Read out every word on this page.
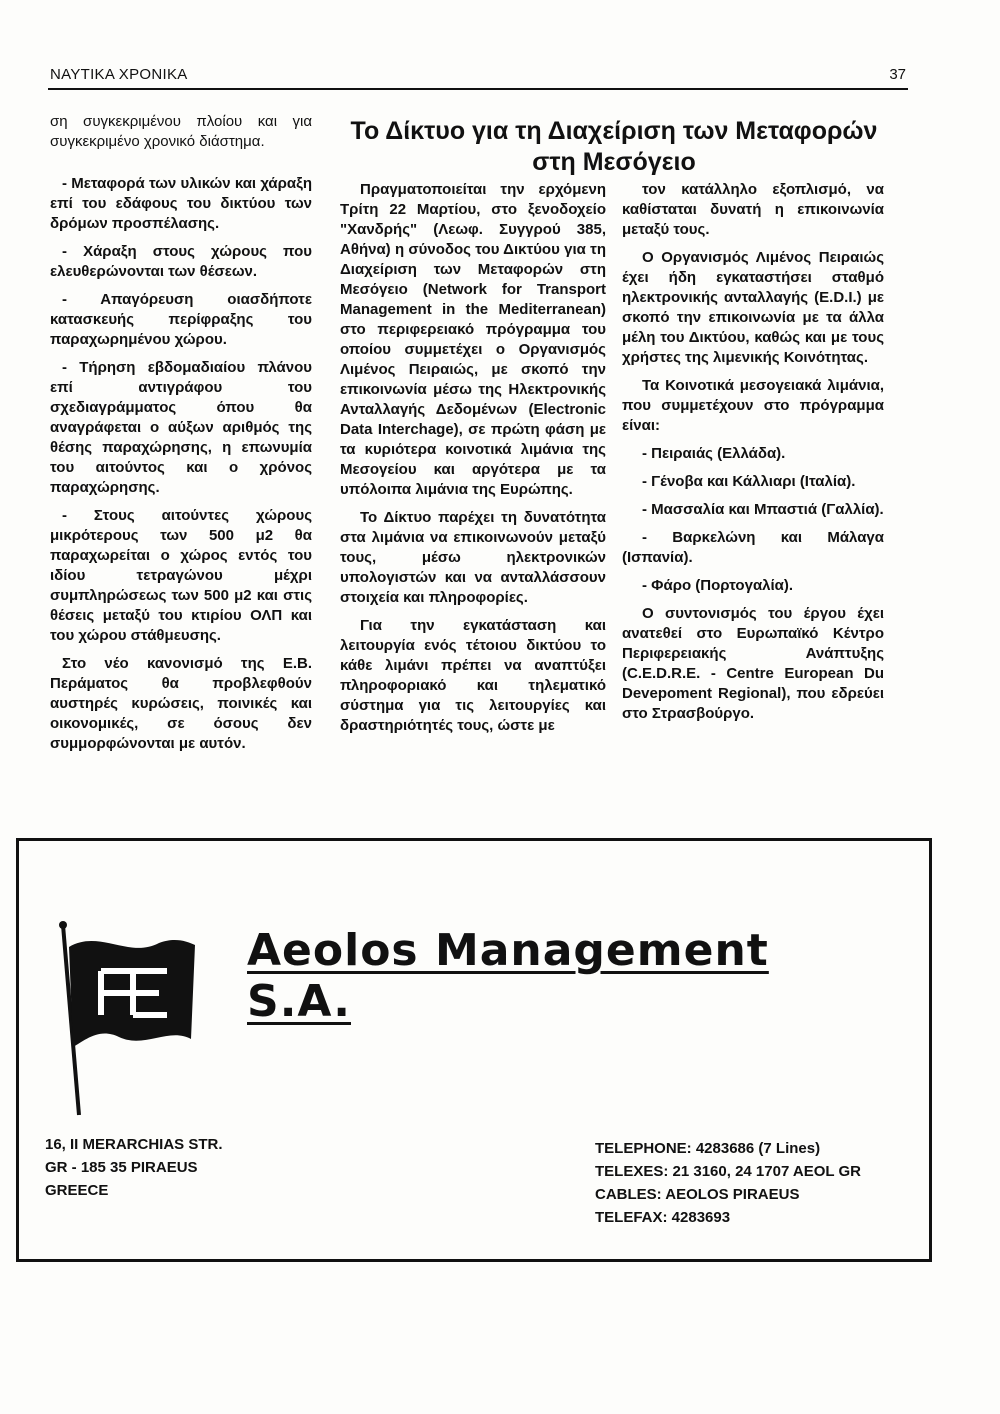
ΝΑΥΤΙΚΑ ΧΡΟΝΙΚΑ	37

ση συγκεκριμένου πλοίου και για συγκεκριμένο χρονικό διάστημα.

- Μεταφορά των υλικών και χάραξη επί του εδάφους του δικτύου των δρόμων προσπέλασης.

- Χάραξη στους χώρους που ελευθερώνονται των θέσεων.

- Απαγόρευση οιασδήποτε κατασκευής περίφραξης του παραχωρημένου χώρου.

- Τήρηση εβδομαδιαίου πλάνου επί αντιγράφου του σχεδιαγράμματος όπου θα αναγράφεται ο αύξων αριθμός της θέσης παραχώρησης, η επωνυμία του αιτούντος και ο χρόνος παραχώρησης.

- Στους αιτούντες χώρους μικρότερους των 500 μ2 θα παραχωρείται ο χώρος εντός του ιδίου τετραγώνου μέχρι συμπληρώσεως των 500 μ2 και στις θέσεις μεταξύ του κτιρίου ΟΛΠ και του χώρου στάθμευσης.

Στο νέο κανονισμό της Ε.Β. Περάματος θα προβλεφθούν αυστηρές κυρώσεις, ποινικές και οικονομικές, σε όσους δεν συμμορφώνονται με αυτόν.

Το Δίκτυο για τη Διαχείριση των Μεταφορών στη Μεσόγειο

Πραγματοποιείται την ερχόμενη Τρίτη 22 Μαρτίου, στο ξενοδοχείο "Χανδρής" (Λεωφ. Συγγρού 385, Αθήνα) η σύνοδος του Δικτύου για τη Διαχείριση των Μεταφορών στη Μεσόγειο (Network for Transport Management in the Mediterranean) στο περιφερειακό πρόγραμμα του οποίου συμμετέχει ο Οργανισμός Λιμένος Πειραιώς, με σκοπό την επικοινωνία μέσω της Ηλεκτρονικής Ανταλλαγής Δεδομένων (Electronic Data Interchage), σε πρώτη φάση με τα κυριότερα κοινοτικά λιμάνια της Μεσογείου και αργότερα με τα υπόλοιπα λιμάνια της Ευρώπης.

Το Δίκτυο παρέχει τη δυνατότητα στα λιμάνια να επικοινωνούν μεταξύ τους, μέσω ηλεκτρονικών υπολογιστών και να ανταλλάσσουν στοιχεία και πληροφορίες.

Για την εγκατάσταση και λειτουργία ενός τέτοιου δικτύου το κάθε λιμάνι πρέπει να αναπτύξει πληροφοριακό και τηλεματικό σύστημα για τις λειτουργίες και δραστηριότητές τους, ώστε με

τον κατάλληλο εξοπλισμό, να καθίσταται δυνατή η επικοινωνία μεταξύ τους.

Ο Οργανισμός Λιμένος Πειραιώς έχει ήδη εγκαταστήσει σταθμό ηλεκτρονικής ανταλλαγής (E.D.I.) με σκοπό την επικοινωνία με τα άλλα μέλη του Δικτύου, καθώς και με τους χρήστες της λιμενικής Κοινότητας.

Τα Κοινοτικά μεσογειακά λιμάνια, που συμμετέχουν στο πρόγραμμα είναι:

- Πειραιάς (Ελλάδα).

- Γένοβα και Κάλλιαρι (Ιταλία).

- Μασσαλία και Μπαστιά (Γαλλία).

- Βαρκελώνη και Μάλαγα (Ισπανία).

- Φάρο (Πορτογαλία).

Ο συντονισμός του έργου έχει ανατεθεί στο Ευρωπαϊκό Κέντρο Περιφερειακής Ανάπτυξης (C.E.D.R.E. - Centre European Du Devepoment Regional), που εδρεύει στο Στρασβούργο.

Aeolos Management S.A.
16, II MERARCHIAS STR.
GR - 185 35 PIRAEUS
GREECE
TELEPHONE: 4283686 (7 Lines)
TELEXES: 21 3160, 24 1707 AEOL GR
CABLES: AEOLOS PIRAEUS
TELEFAX: 4283693
